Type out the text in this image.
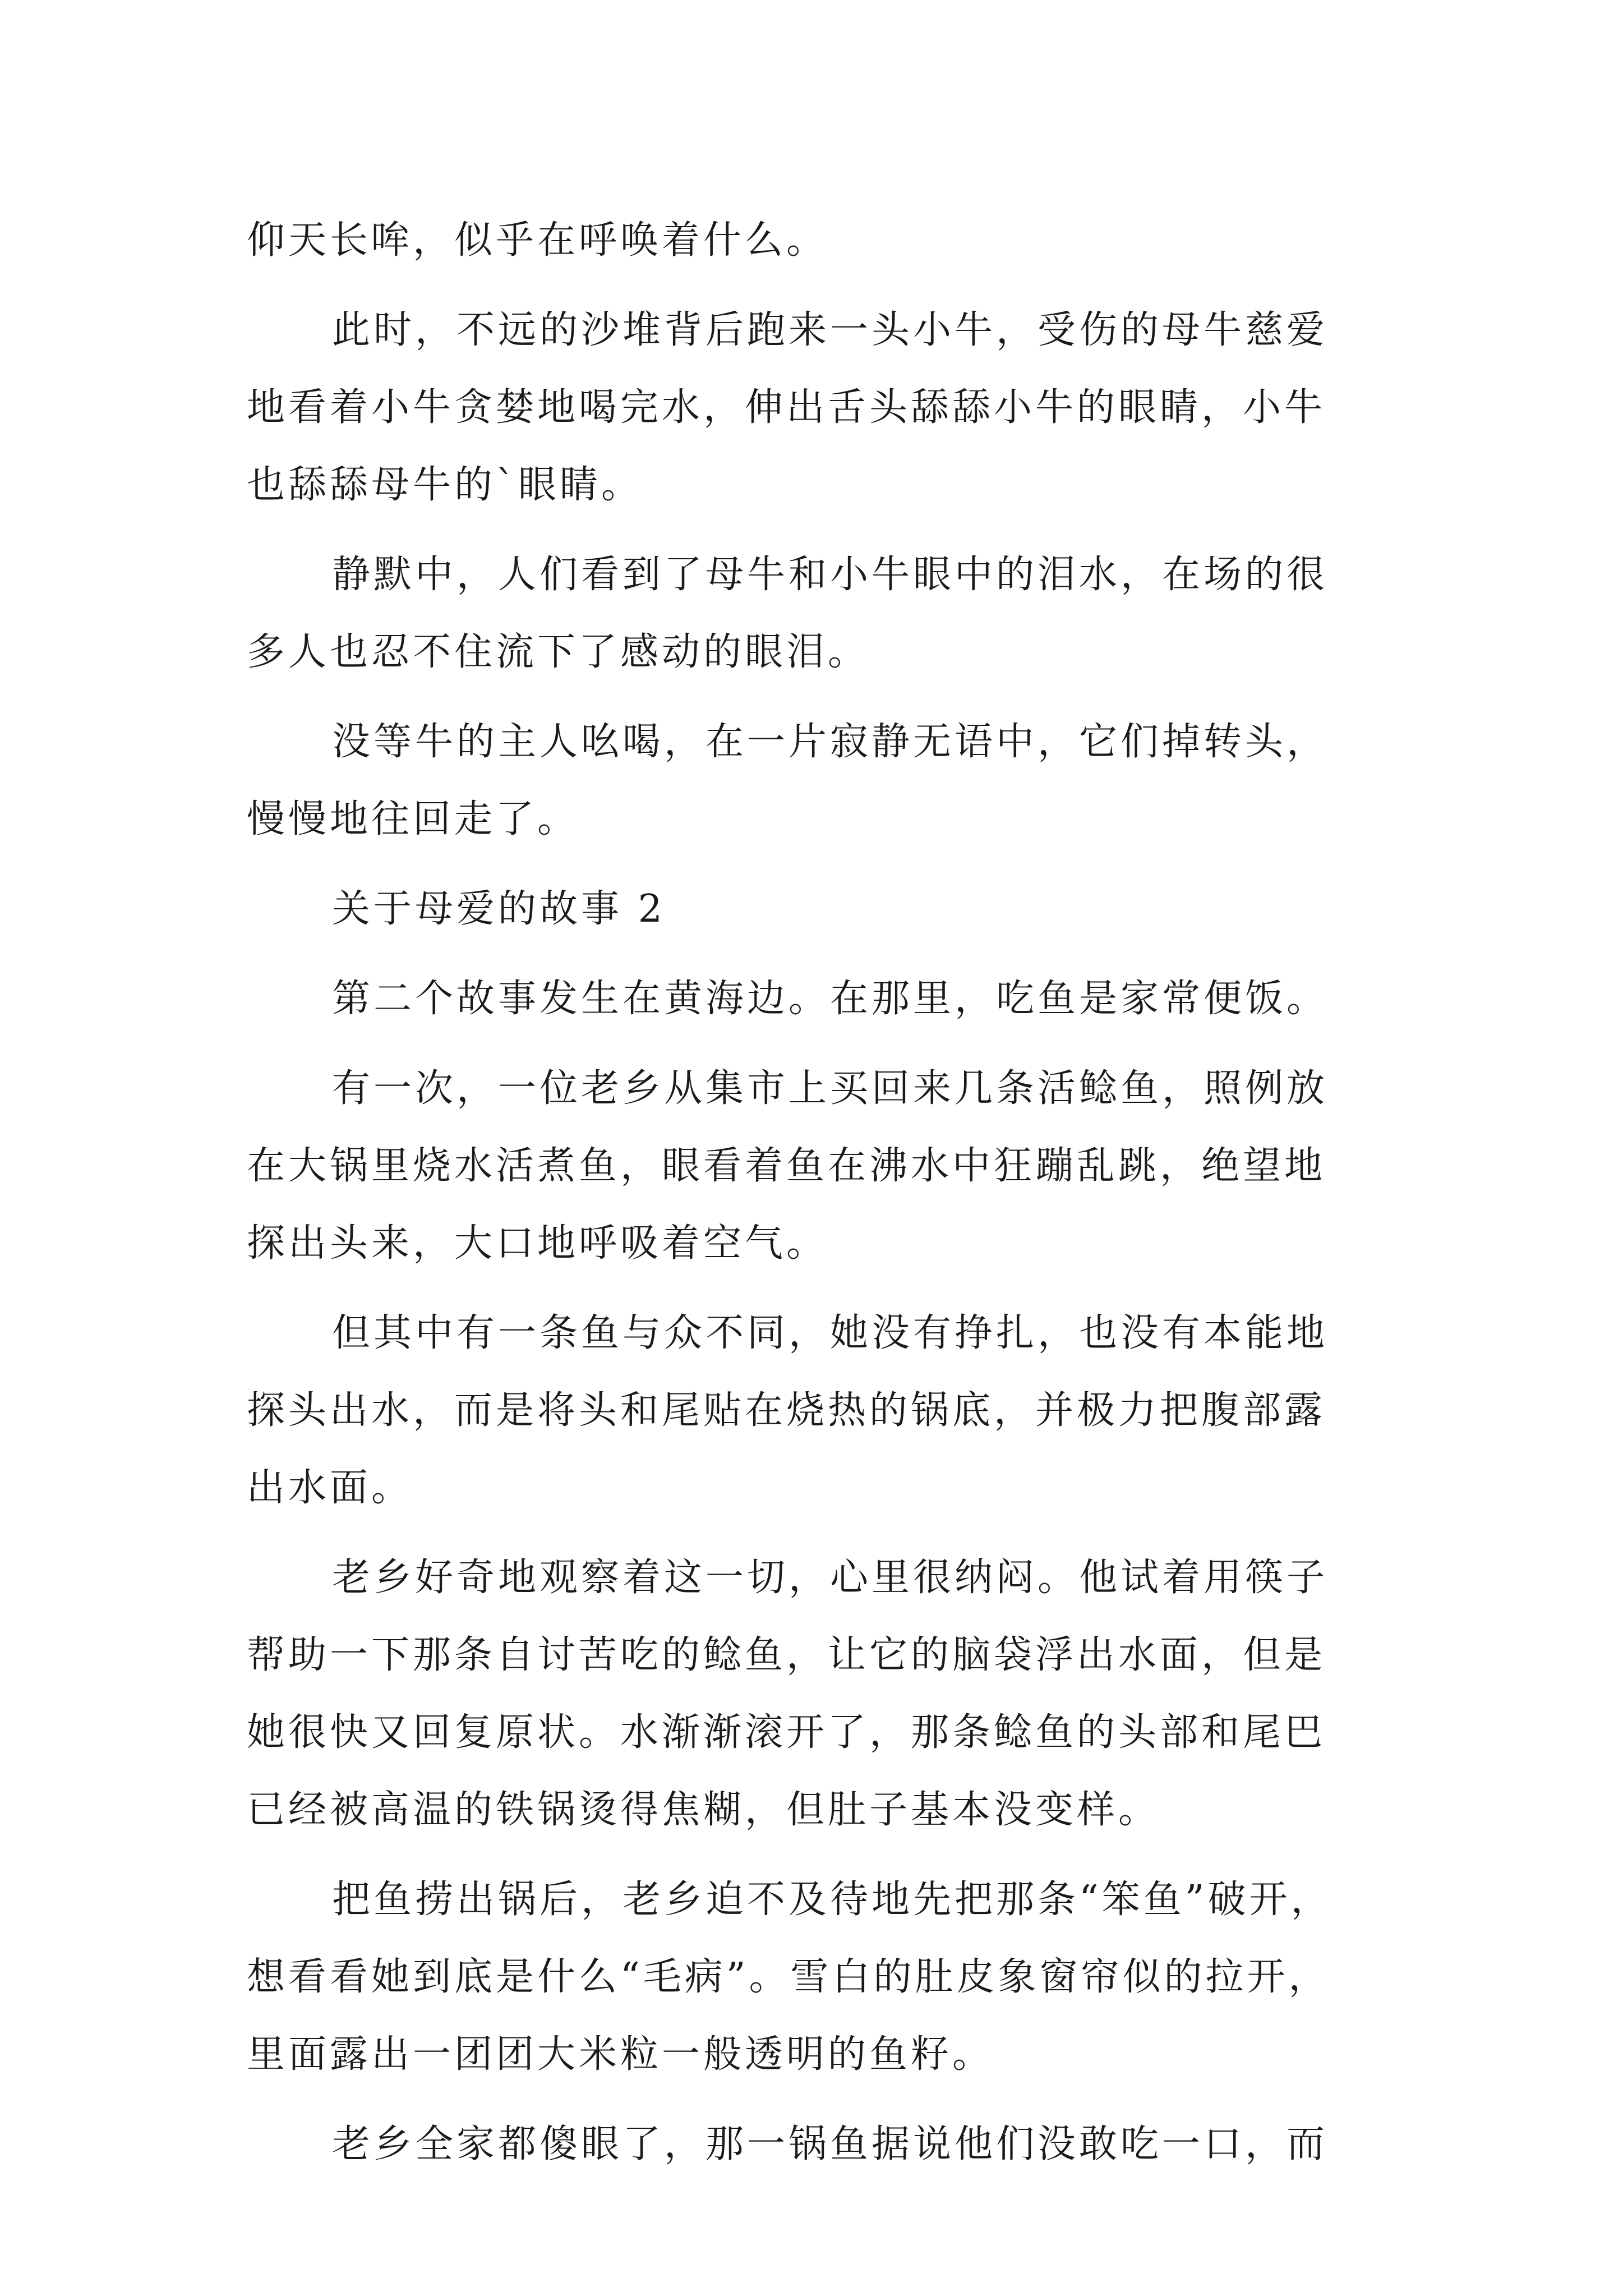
仰天长哞，似乎在呼唤着什么。
此时，不远的沙堆背后跑来一头小牛，受伤的母牛慈爱
地看着小牛贪婪地喝完水，伸出舌头舔舔小牛的眼睛，小牛
也舔舔母牛的`眼睛。
静默中，人们看到了母牛和小牛眼中的泪水，在场的很
多人也忍不住流下了感动的眼泪。
没等牛的主人吆喝，在一片寂静无语中，它们掉转头，
慢慢地往回走了。
关于母爱的故事 2
第二个故事发生在黄海边。在那里，吃鱼是家常便饭。
有一次，一位老乡从集市上买回来几条活鲶鱼，照例放
在大锅里烧水活煮鱼，眼看着鱼在沸水中狂蹦乱跳，绝望地
探出头来，大口地呼吸着空气。
但其中有一条鱼与众不同，她没有挣扎，也没有本能地
探头出水，而是将头和尾贴在烧热的锅底，并极力把腹部露
出水面。
老乡好奇地观察着这一切，心里很纳闷。他试着用筷子
帮助一下那条自讨苦吃的鲶鱼，让它的脑袋浮出水面，但是
她很快又回复原状。水渐渐滚开了，那条鲶鱼的头部和尾巴
已经被高温的铁锅烫得焦糊，但肚子基本没变样。
把鱼捞出锅后，老乡迫不及待地先把那条“笨鱼”破开，
想看看她到底是什么“毛病”。雪白的肚皮象窗帘似的拉开，
里面露出一团团大米粒一般透明的鱼籽。
老乡全家都傻眼了，那一锅鱼据说他们没敢吃一口，而
